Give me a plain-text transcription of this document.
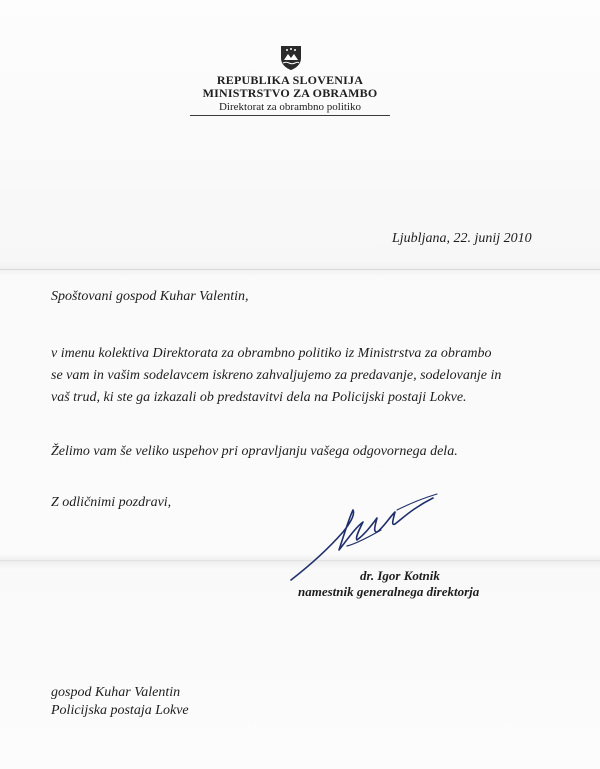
REPUBLIKA SLOVENIJA
MINISTRSTVO ZA OBRAMBO
Direktorat za obrambno politiko
Ljubljana, 22. junij 2010
Spoštovani gospod Kuhar Valentin,
v imenu kolektiva Direktorata za obrambno politiko iz Ministrstva za obrambo
se vam in vašim sodelavcem iskreno zahvaljujemo za predavanje, sodelovanje in
vaš trud, ki ste ga izkazali ob predstavitvi dela na Policijski postaji Lokve.
Želimo vam še veliko uspehov pri opravljanju vašega odgovornega dela.
Z odličnimi pozdravi,
dr. Igor Kotnik
namestnik generalnega direktorja
gospod Kuhar Valentin
Policijska postaja Lokve
